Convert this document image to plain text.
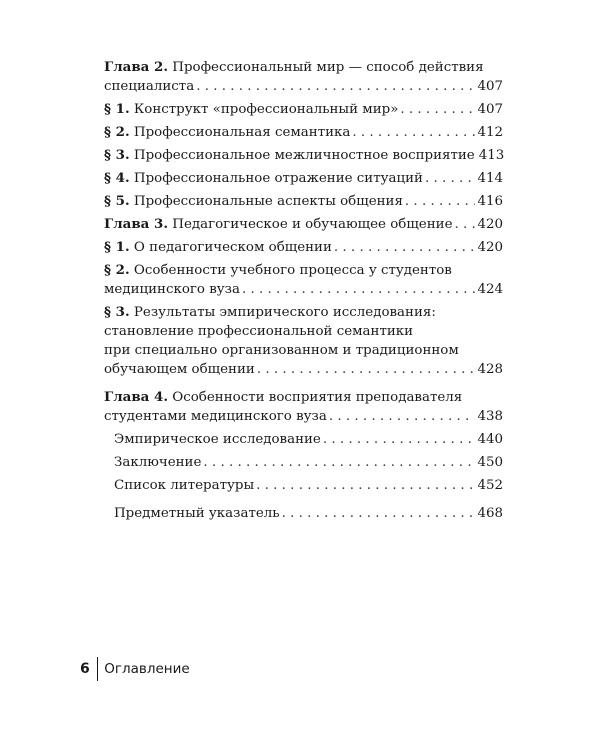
Глава 2. Профессиональный мир — способ действия
специалиста . . .	407
§ 1. Конструкт «профессиональный мир» . . .	407
§ 2. Профессиональная семантика . . .	412
§ 3. Профессиональное межличностное восприятие 413
§ 4. Профессиональное отражение ситуаций . . .	414
§ 5. Профессиональные аспекты общения . . .	416
Глава 3. Педагогическое и обучающее общение . . . 420
§ 1. О педагогическом общении . . .	420
§ 2. Особенности учебного процесса у студентов
медицинского вуза . . .	424
§ 3. Результаты эмпирического исследования:
становление профессиональной семантики
при специально организованном и традиционном
обучающем общении . . .	428
Глава 4. Особенности восприятия преподавателя
студентами медицинского вуза . . .	438
Эмпирическое исследование . . .	440
Заключение . . .	450
Список литературы . . .	452
Предметный указатель . . .	468
6	Оглавление
